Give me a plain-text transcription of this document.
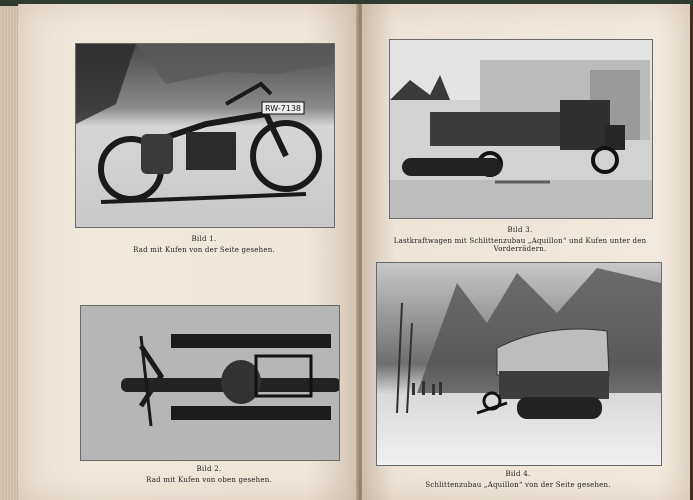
RW-7138
Bild 1.
Rad mit Kufen von der Seite gesehen.
Bild 2.
Rad mit Kufen von oben gesehen.
Bild 3.
Lastkraftwagen mit Schlittenzubau „Aquillon“ und Kufen unter den Vorderrädern.
Bild 4.
Schlittenzubau „Aquillon“ von der Seite gesehen.
